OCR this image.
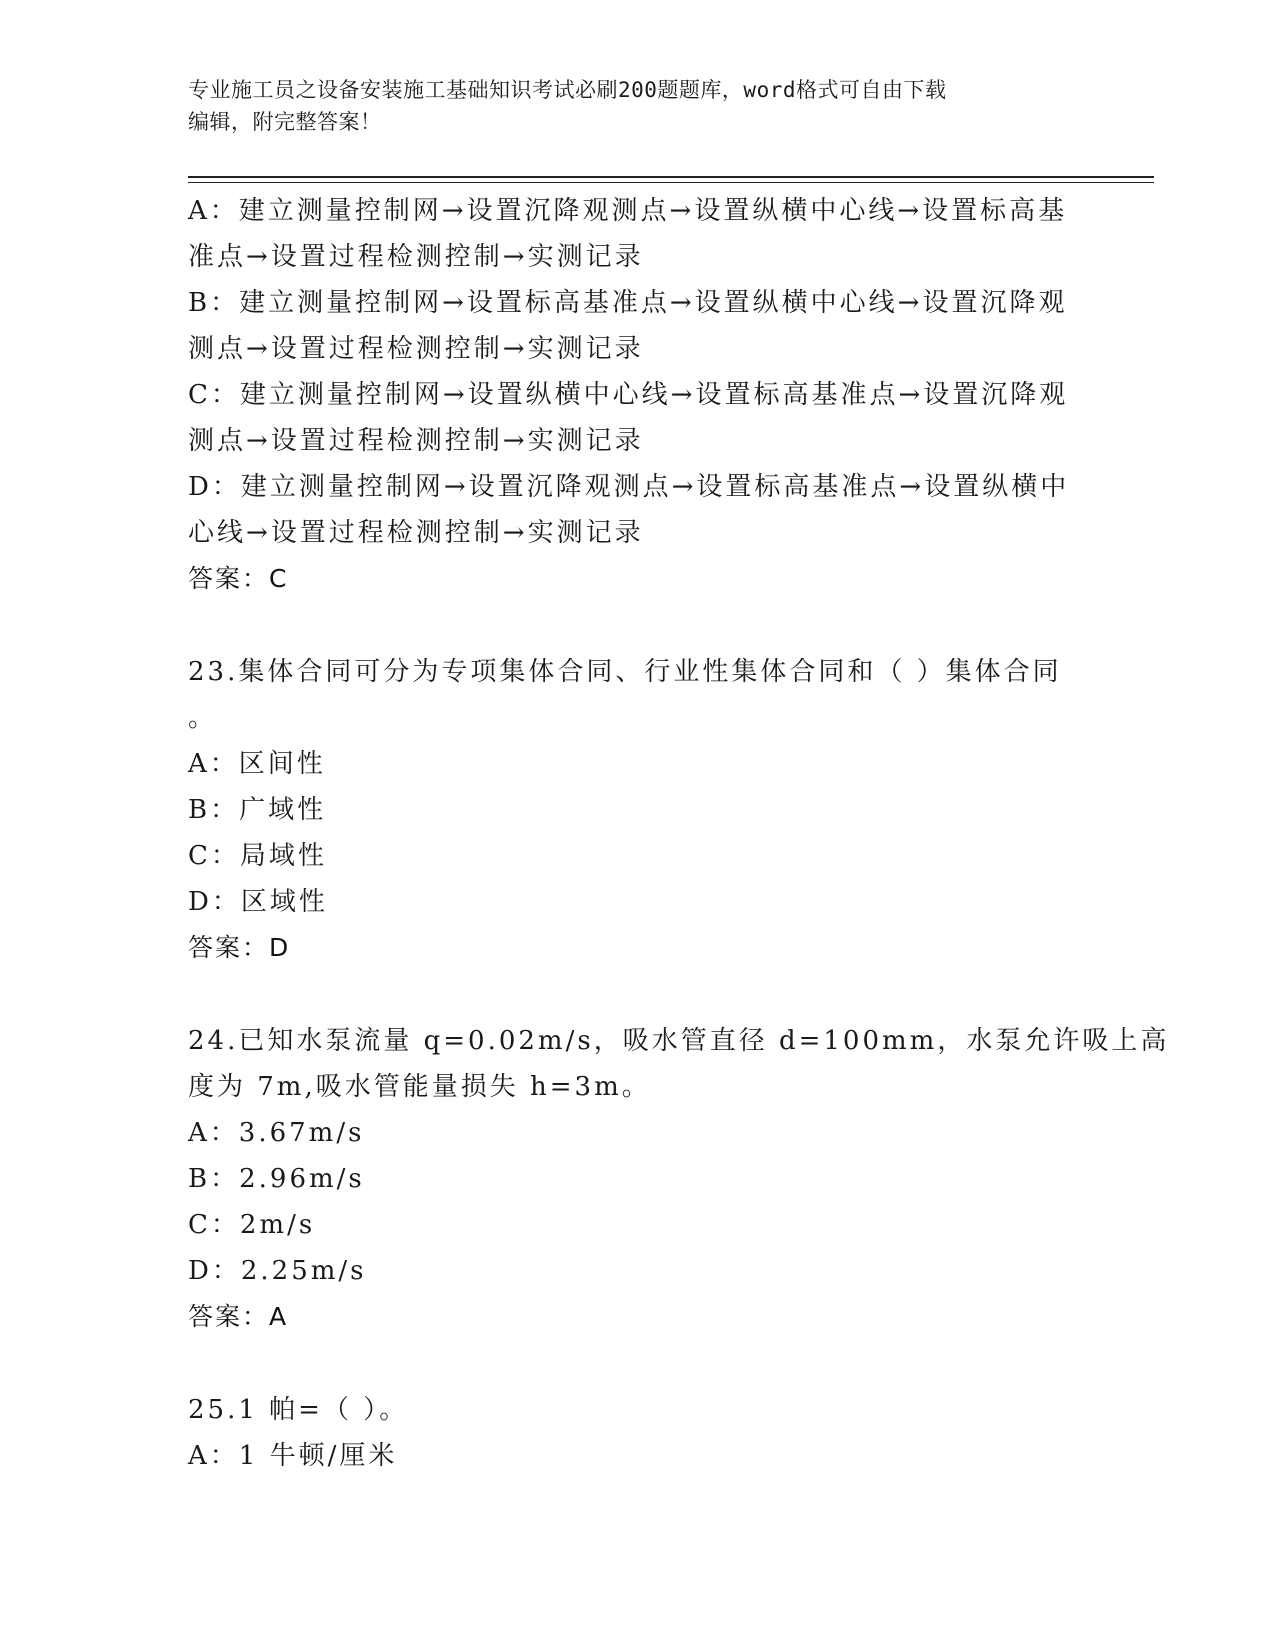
专业施工员之设备安装施工基础知识考试必刷200题题库，word格式可自由下载
编辑，附完整答案！
A：建立测量控制网→设置沉降观测点→设置纵横中心线→设置标高基
准点→设置过程检测控制→实测记录
B：建立测量控制网→设置标高基准点→设置纵横中心线→设置沉降观
测点→设置过程检测控制→实测记录
C：建立测量控制网→设置纵横中心线→设置标高基准点→设置沉降观
测点→设置过程检测控制→实测记录
D：建立测量控制网→设置沉降观测点→设置标高基准点→设置纵横中
心线→设置过程检测控制→实测记录
答案：C
23.集体合同可分为专项集体合同、行业性集体合同和（ ）集体合同
。
A：区间性
B：广域性
C：局域性
D：区域性
答案：D
24.已知水泵流量 q=0.02m/s，吸水管直径 d=100mm，水泵允许吸上高
度为 7m,吸水管能量损失 h=3m。
A：3.67m/s
B：2.96m/s
C：2m/s
D：2.25m/s
答案：A
25.1 帕=（ ）。
A：1 牛顿/厘米
